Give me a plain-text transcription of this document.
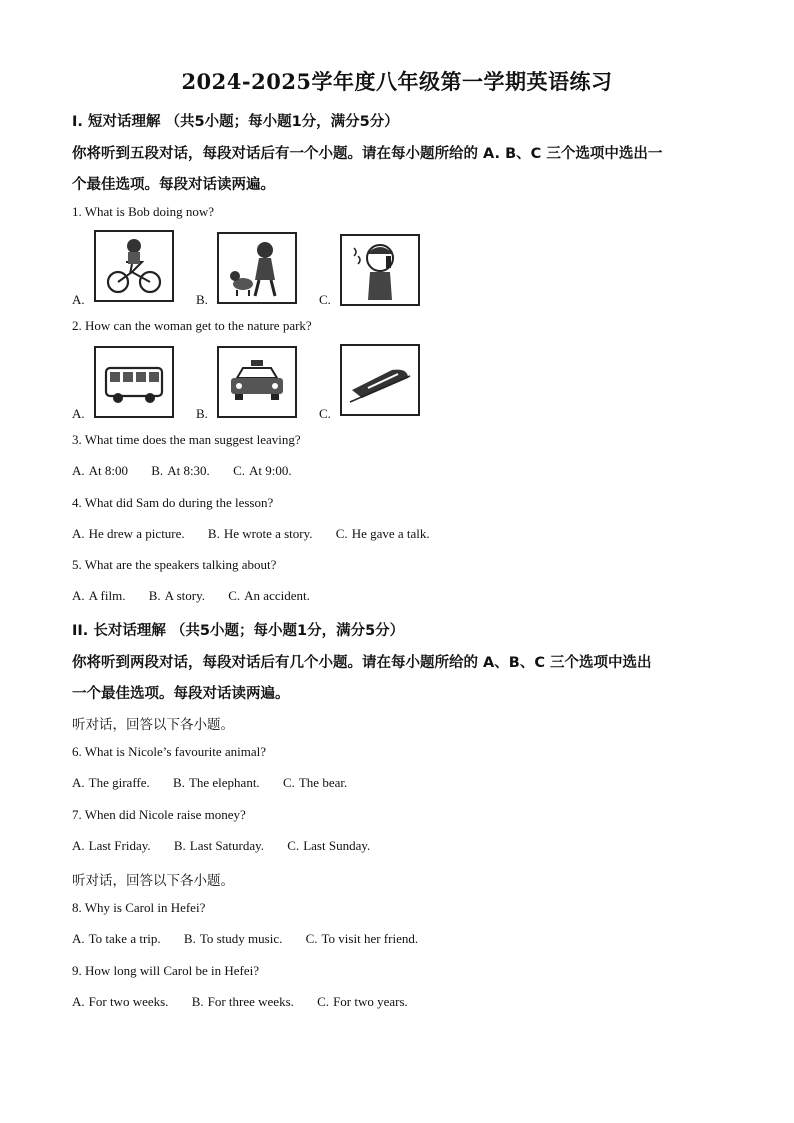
2024-2025学年度八年级第一学期英语练习
I. 短对话理解 （共5小题；每小题1分，满分5分）
你将听到五段对话，每段对话后有一个小题。请在每小题所给的 A. B、C 三个选项中选出一
个最佳选项。每段对话读两遍。
1. What is Bob doing now?
A.	B.	C.
2. How can the woman get to the nature park?
A.	B.	C.
3. What time does the man suggest leaving?
A. At 8:00 B. At 8:30. C. At 9:00.
4. What did Sam do during the lesson?
A. He drew a picture. B. He wrote a story. C. He gave a talk.
5. What are the speakers talking about?
A. A film. B. A story. C. An accident.
II. 长对话理解 （共5小题；每小题1分，满分5分）
你将听到两段对话，每段对话后有几个小题。请在每小题所给的 A、B、C 三个选项中选出
一个最佳选项。每段对话读两遍。
听对话，回答以下各小题。
6. What is Nicole’s favourite animal?
A. The giraffe. B. The elephant. C. The bear.
7. When did Nicole raise money?
A. Last Friday. B. Last Saturday. C. Last Sunday.
听对话，回答以下各小题。
8. Why is Carol in Hefei?
A. To take a trip. B. To study music. C. To visit her friend.
9. How long will Carol be in Hefei?
A. For two weeks. B. For three weeks. C. For two years.
